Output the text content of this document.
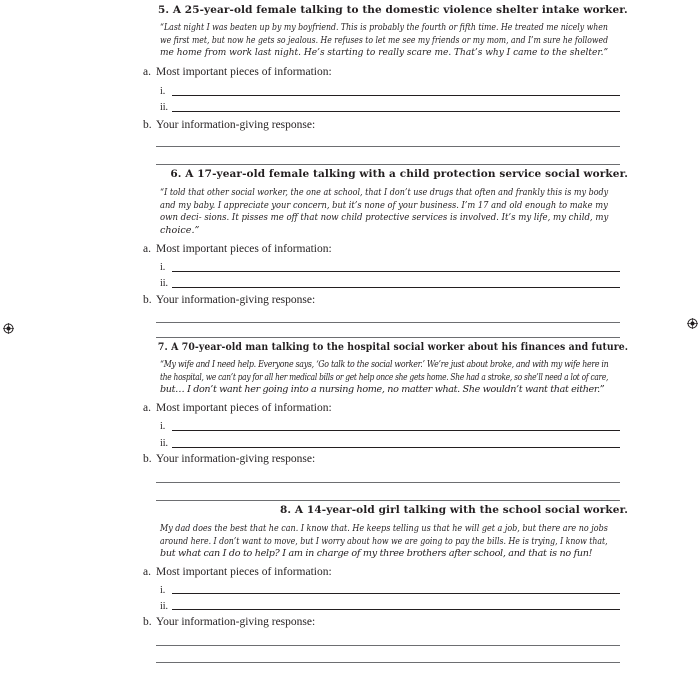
5. A 25-year-old female talking to the domestic violence shelter intake worker.
“Last night I was beaten up by my boyfriend. This is probably the fourth or fifth time. He treated me nicely when we first met, but now he gets so jealous. He refuses to let me see my friends or my mom, and I’m sure he followed me home from work last night. He’s starting to really scare me. That’s why I came to the shelter.”
a. Most important pieces of information:
i.
ii.
b. Your information-giving response:
6. A 17-year-old female talking with a child protection service social worker.
“I told that other social worker, the one at school, that I don’t use drugs that often and frankly this is my body and my baby. I appreciate your concern, but it’s none of your business. I’m 17 and old enough to make my own deci- sions. It pisses me off that now child protective services is involved. It’s my life, my child, my
choice.”
a. Most important pieces of information:
i.
ii.
b. Your information-giving response:
7. A 70-year-old man talking to the hospital social worker about his finances and future.
“My wife and I need help. Everyone says, ‘Go talk to the social worker.’ We’re just about broke, and with my wife here in the hospital, we can’t pay for all her medical bills or get help once she gets home. She had a stroke, so she’ll need a lot of care,
but… I don’t want her going into a nursing home, no matter what. She wouldn’t want that either.”
a. Most important pieces of information:
i.
ii.
b. Your information-giving response:
8. A 14-year-old girl talking with the school social worker.
My dad does the best that he can. I know that. He keeps telling us that he will get a job, but there are no jobs around here. I don’t want to move, but I worry about how we are going to pay the bills. He is trying, I know that,
but what can I do to help? I am in charge of my three brothers after school, and that is no fun!
a. Most important pieces of information:
i.
ii.
b. Your information-giving response:
